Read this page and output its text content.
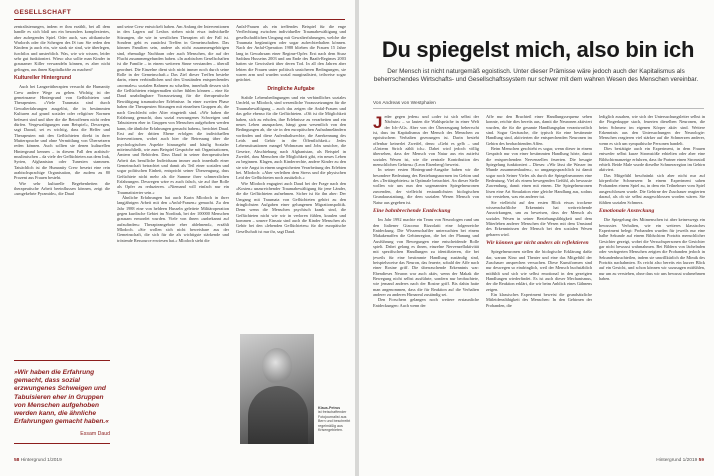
GESELLSCHAFT

zentralisierungen, indem er ihm erzählt, bei all dem handle es sich bloß um ein besonders komplexiertes, aber aufregendes Spiel. Oder auch, was afrikanische Warlords oder die Schergen des IS tun: Sie reden den Kindern ja auch ein, wie stark sie sind, wie überlegen, furchtlos und unsterblich. Was, wie wir wissen, leider sehr gut funktioniert. Wieso also sollte man Kinder in grausamer Killer verwandeln können, es aber nicht gelingen, aus ihnen Kapitalkräfte zu machen?

Kultureller Hintergrund

Auch bei Langzeittherapien versucht die Humanity Crew andere Wege zu gehen. Wichtig ist der gemeinsame Hintergrund von Geflüchteten und Therapeuten. »Viele Traumata sind durch Gewalterfahrungen ausgelöst, die in bestimmten Kulturen auf grund sozialer oder religiöser Normen befeuert sind und über die die Betroffenen nicht reden dürfen. Vergewaltigungen zum Beispiel«, Deswegen, sagt Daoud, sei es wichtig, dass die Helfer und Therapeuten mit den Geflüchteten direkt in ihrer Muttersprache und ohne Vermittlung von Übersetzern reden können. Auch sollten sie denen kulturellen Hintergrund kennen – in diesem Fall den arabisch-muslimischen – da viele der Geflüchteten aus dem Irak, Syrien, Afghanistan oder Tunesien stammen. Tatsächlich ist die Humanity Crew besetzt eine rein arabischsprachige Organisation, die zudem zu 80 Prozent aus Frauen besteht.

Wie sehr kulturelle Begebenheiten die therapeutische Arbeit beeinflussen können, zeigt die »umgekehrte Pyramide«, die Daud

»Wir haben die Erfahrung gemacht, dass sozial erzwungenes Schweigen und Tabuisieren eher in Gruppen von Menschen aufgehoben werden kann, die ähnliche Erfahrungen gemacht haben.«
Essam Daud

und seine Crew entwickelt haben. Am Anfang der Interventionen in den Lagern auf Lesbos stehen nicht etwa individuelle Sitzungen, die wie in westlichen Therapien oft der Fall ist. Sondern geht es zunächst Treffen in Gemeinschaften. Das können Familien sein, andere als nicht zusammengehörigen sind, ehemalige Nachbarn oder auch Menschen, die auf der Flucht zusammengefunden haben. »In arabischen Gesellschaften ist die Familie – in einem weiteren Sinne verstanden – überall geordnet. Die Einzelne dient sich nicht immer noch durch seine Rolle in der Gemeinschaft.« Das Ziel dieser Treffen bestehe darin, einen verbindlichen und den Umständen entsprechendes »normales« sozialen Rahmen zu schaffen, innerhalb dessen sich die Geflüchteten einigermaßen sicher fühlen können – eine für Daud unabdingbare Voraussetzung für die therapeutische Bewältigung traumatischer Erlebnisse. In einer zweiten Phase haben die Therapeuten Sitzungen mit einzelnen Gruppen ab, die nach Geschlecht oder Alter eingeteilt sind. »Wir haben die Erfahrung gemacht, dass sozial erzwungenes Schweigen und Tabuisieren eher in Gruppen von Menschen aufgehoben werden kann, die ähnliche Erfahrungen gemacht haben«, berichtet Daud. Erst auf der dritten Ebene erfolgen die individuellen Interventionen, wobei auch hier die Betreuung über die psychologischen Aspekte hinausgeht und häufig Sozialer miteinschließt, wie zum Beispiel Gespräche mit Organisationen, Ämtern und Behörden. Dass Daud in seiner therapeutischen Arbeit das berufliche Individuum immer auch innerhalb einer Gemeinschaft betrachtet und damit als Teil einer sozialen und sogar politischen Einheit, entspricht seiner Überzeugung, dass Gefüchtete nicht mehr als die Summe ihrer schmerzlichen Erfahrungen. Deswegen wäre es auch falsch, sie auf ihre Rolle als Opfer zu reduzieren. »Niemand will einfach nur ein Traumatisierter sein.«

Ähnliche Erfahrungen hat auch Karin Mlodoch in ihrer langjährigen Arbeit mit den »Anfal-Frauen« gemacht. Zu den Jahr 1988 eine von heldeen Husseln geleitete Militäroperation gegen kurdische Gebiet im Nordirak, bei der 100000 Menschen grausam ermordet wurden. Viele von ihnen »unbekannt auf aufzufinden« Therapieangebote eher ablehnend«, erzählt Mlodoch. »Sie wollen sich nicht beweisbare aus der Gemeinschaft, die sich für die als wichtigste stärkende und tröstende Ressource erwiesen hat.« Mlodoch sieht die

Anfal-Frauen als ein treffendes Beispiel für die enge Verflechtung zwischen individueller Traumabewältigung und gesellschaftlichen Umgang mit Gewalterfahrungen, welche die Traumata begünstigen oder sogar aufrechterhalten können. Nach der Anfal-Operation 1988 blieben die Frauen 15 Jahre lang in Gewahrsam einer Regime-Opfer. Erst nach dem Sturz Saddam Husseins 2003 und am Ende des Baath-Regimes 2003 hatten sie Gewissheit über deren Tod. In all den Jahren aber lebten die Frauen unter politisch unsicheren Bedingungen, sie waren arm und wurden sozial marginalisiert, teilweise sogar geächtet.

Dringliche Aufgabe

Stabile Lebensbedingungen und ein verbindliches soziales Umfeld, so Mlodoch, sind wesentliche Voraussetzungen für die Traumabewältigung – auch das zeigen die Anfal-Frauen und das gelte ebenso für die Geflüchteten. »Oft ist die Möglichkeit haben, sich zu erholen, ihre Erlebnisse zu verarbeiten und ein neues Leben anzupacken, hängt ganz wesentlich von den Bedingungen ab, die sie in den europäischen Aufnahmeländern vorfinden und diese Aufenthaltsrechte, die Anerkennung des Leids und Gehör in der Öffentlichkeit.« Jedes Lebenssituationen mangel Wohnraum und Jobs unsicher, die Gesetze, Abschiebung nach Afghanistan, als Beispiel in Zweifel, dass Menschen die Möglichkeit gibt, ein neues Leben zu beginnen. Klagen, auch Kinderrechte, andere Kinder zu den sie wie Angst in einem ungesicherten Verarbeitung des Erlebten bei. Mlodoch: »Aber verleihen dem Stress und die physischen Leid der Geflüchteten noch zusätzlich.«

Wie Mlodoch engagiert auch Daud bei der Frage nach den »Kosten« unzureichender Traumabewältigung für jene Länder, die die Geflüchteten aufnehmen. Sicher ist für ihn aber: Der Umgang mit Traumata von Geflüchteten gehört zu den dringlichsten Aufgaben einer gelungenen Migrationspolitik. Denn wenn die Menschen psychisch krank sind, die Geflüchteten nicht wie wir in verloren fühlen, kraulen und kommen – unsere Einsatz sind auch die Kinder Menschen als Gehör bei den »lebenden Geflüchteten« für die europäische Gesellschaft ist nur ihr, sagt Daud.

Klaus-Petrus
ist freischaffender Fotojournalist aus Bern und beschreibt regelmäßig aus Krisengebieten.
58 Hintergrund 1/2019
Du spiegelst mich, also bin ich
Der Mensch ist nicht naturgemäß egoistisch. Unter dieser Prämisse wäre jedoch auch der Kapitalismus als beherrschendes Wirtschafts- und Gesellschaftssystem nur schwer mit dem wahren Wesen des Menschen vereinbar.
Von Andreas von Westphalen

Jeder gegen jeden« und »oder ist sich selbst der Nächste« – so lauten die Wahlsprüche in einer Welt der Ich-AGs. Aber von der Überzeugung beherrscht ist, dass im Kapitalismus der Mensch des Menschen zu egoistischem Verhalten gezwungen ist. Darin besteht offenbar keinerlei Zweifel, denn: »Geht es gelb – und »Unterm Strich zählt ich«. Dabei wird jedoch völlig übersehen, dass der Mensch von Natur aus ein zutiefst soziales Wesen ist, wie die zentrale Kontribution des menschlichen Gehirns« (Leon Eisenberg) beweist.

In seiner ersten Hintergrund-Ausgabe haben wir die besondere Bedeutung des Beziehungsnormen im Gehirn und des »Tertiärgebietes« in Optimale betrachtet. An dieser Stelle wollen wir uns nun den sogenannten Spiegelneuronen zuwenden, der vielleicht erstaunlichsten biologischen Grundausstattung, die dem sozialen Wesen Mensch von Natur aus gegeben ist.

Eine bahnbrechende Entdeckung

Im Jahr 1992 machte ein Team von Neurologen rund um den Italiener Giacomo Rizzolatti eine folgenreiche Entdeckung. Die Wissenschaftler untersuchten bei einem Makakenaffen die Gehirnregion, die bei der Planung und Ausführung von Bewegungen eine entscheidende Rolle spielt. Dabei gelang es ihnen, einzelne Nervenzellaktivität mit spezifischen Handlungen zu identifizieren, die bei jeweils für eine bestimmte Handlung zuständig sind, beispielsweise das Neuron, das feuerte, sobald der Affe nach einer Rosine griff. Die überraschende Erkenntnis war: Ebendieses Neuron war auch aktiv, wenn der Makak die Bewegung nicht selbst ausführte, sondern nur beobachtete, wie jemand anderes nach der Rosine griff. Bis dahin hatte man angenommen, dass die für Reaktion auf die Verhalten anderer zu anderen Hirnareal zuständig sei.

Den Forschern gelangen noch weitere erstaunliche Entdeckungen: Auch wenn der

Affe nur den Bruchteil einer Handlungssequenz sehen konnte, reichte dies bereits aus, damit die Neuronen aktiviert wurden, die für die gesamte Handlungsplan verantwortlich sind. Sogar Geräusche, die typisch für eine bestimmte Handlung sind, aktivierten die entsprechenden Neuronen im Gehirn des beobachtenden Affen.

Beim Menschen geschieht es sogar, wenn dieser in einem Gespräch nur von einer bestimmten Handlung hörte, damit die entsprechenden Nervenzellen feuerten. Die besagte Spiegelung funktioniert – Dieses: »Wir lässt die Wasser im Munde zusammenlaufen«, so umgangssprachlich ist damit sogar noch Seiner Vieles als durch die Spiegelneuronen eine Bedeutung. Viel als einem bewegenden Gefühl, als bewusste Zuwendung, damit einen mit einem. Die Spiegelneuronen lösen eine Art Simulation eine gleiche Handlung aus, sodass wir verstehen, was ein anderer tut.

Sie vielleicht auf den ersten Blick etwas trockene wissenschaftliche Erkenntnis hat weitreichende Auswirkungen, um zu beweisen, dass der Mensch als soziales Wesen in seiner Beziehungsfähigkeit und dem Miterleben anderer Menschen die Wesen mit dem Umstand des Erkenntnissen der Mensch bei den sozialen Wesen gebaren wird.

Wir können gar nicht anders als reflektieren

Spiegelneuronen stellen die biologische Erklärung dafür dar, warum Kino und Theater und eine das Mitgefühl der Zuschauer ansprechen versuchen. Diese Kunstformen sind nur deswegen so eindringlich, weil der Mensch buchstäblich mitfühlt und sich wie selbst emotional in den gezeigten Handlungen wiederfindet. Es ist auch dieser Mechanismus, der die Reaktion erklärt, die wir beim Anblick eines Gähnens zeigen.

Ein klassisches Experiment beweist die grundsätzliche Mitleidensfähigkeit des Menschen: In den Gehirnen der Probanden, die

lediglich zusahen, wie sich der Untersuchungsleiter selbst in die Fingerkuppe stach, feuerten dieselben Neuronen, die beim Schmerz im eigenen Körper aktiv sind. Weitere Erkenntnis aus den Untersuchungen der Neurologie: Menschen reagieren viel stärker auf die Schmerzen anderer, wenn es sich um sympathische Personen handelt.

Dies bestätigte auch ein Experiment, in dem Frauen entweder selbst kurze Stromstöße erhielten oder aber eine Bildschirmanzeige erfuhren, dass ihr Partner einen Stromstoß erhielt. Beide Male wurde dieselbe Schmerzregion im Gehirn aktiviert.

Das Mitgefühl beschränkt sich aber nicht nur auf körperliche Schmerzen: In einem Experiment sahen Probanden einem Spiel zu, in dem ein Teilnehmer vom Spiel ausgeschlossen wurde. Die Gehirne der Zuschauer reagierten darauf, als ob sie selbst ausgeschlossen worden wären. Sie fühlten sozialen Schmerz.

Emotionale Ansteckung

Die Spiegelung des Mitmenschen ist aber keineswegs ein bewusstes Verhalten, wie ein weiteres klassisches Experiment belegt: Probanden wurden für jeweils nur eine halbe Sekunde auf einem Bildschirm Porträts menschlicher Gesichter gezeigt, wobei die Versuchspersonen die Gesichter gar nicht bewusst wahrnahmen. Bei Bildern von lächelnden oder verärgerten Menschen zeigten die Probanden jedoch in Sekundenbruchteilen, indem sie unwillkürlich die Mimik des Porträts nachahmten. Es reicht also bereits ein kurzer Blick auf ein Gesicht, und schon können wir sozusagen mitfühlen, nur um zu verstehen, ohne dass wir uns bewusst wahrnehmen haben.

Hintergrund 1/2019 59
